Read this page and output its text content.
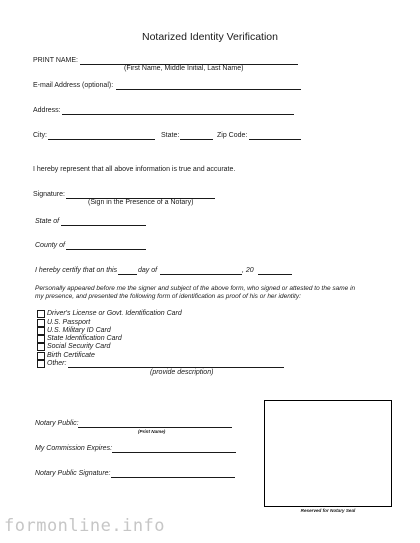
Notarized Identity Verification
PRINT NAME:
(First Name, Middle Initial, Last Name)
E-mail Address (optional):
Address:
City:	State:	Zip Code:
I hereby represent that all above information is true and accurate.
Signature:
(Sign in the Presence of a Notary)
State of
County of
I hereby certify that on this	day of	, 20
Personally appeared before me the signer and subject of the above form, who signed or attested to the same in
my presence, and presented the following form of identification as proof of his or her identity:
Driver's License or Govt. Identification Card
U.S. Passport
U.S. Military ID Card
State Identification Card
Social Security Card
Birth Certificate
Other:
(provide description)
Notary Public:
(Print Name)
My Commission Expires:
Notary Public Signature:
Reserved for Notary Seal
formonline.info
